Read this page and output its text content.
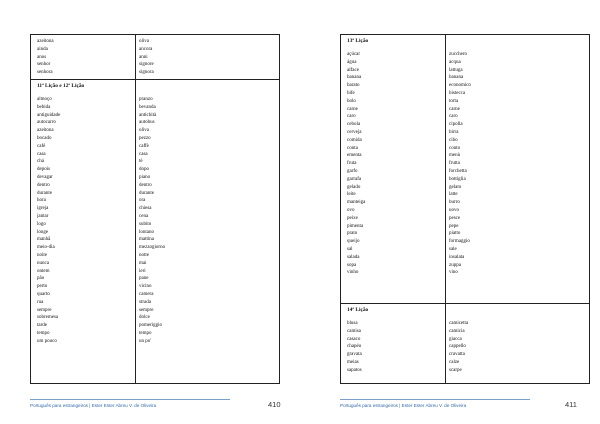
azeitona	oliva
ainda	ancora
anos	anni
senhor	signore
senhora	signora
11ª Lição e 12ª Lição
almoço	pranzo
bebida	bevanda
antiguidade	antichità
autocarro	autobus
azeitona	oliva
bocado	pezzo
café	caffè
casa	casa
chá	tè
depois	dopo
devagar	piano
dentro	dentro
durante	durante
hora	ora
igreja	chiesa
jantar	cena
logo	subito
longe	lontano
manhã	mattina
meio-dia	mezzogiorno
noite	notte
nunca	mai
ontem	ieri
pão	pane
perto	vicino
quarto	camera
rua	strada
sempre	sempre
sobremesa	dolce
tarde	pomeriggio
tempo	tempo
um pouco	un po'
Português para estrangeiros | Ester Ester Abreu V. de Oliveira	410
13ª Lição
açúcar	zucchero
água	acqua
alface	lattuga
banana	banana
barato	economico
bife	bistecca
bolo	torta
carne	carne
caro	caro
cebola	cipolla
cerveja	birra
comida	cibo
conta	conto
ementa	menù
fruta	frutta
garfo	forchetta
garrafa	bottiglia
gelado	gelato
leite	latte
manteiga	burro
ovo	uovo
peixe	pesce
pimenta	pepe
prato	piatto
queijo	formaggio
sal	sale
salada	insalata
sopa	zuppa
vinho	vino
14ª Lição
blusa	camicetta
camisa	camicia
casaco	giacca
chapéu	cappello
gravata	cravatta
meias	calze
sapatos	scarpe
Português para estrangeiros | Ester Ester Abreu V. de Oliveira	411
